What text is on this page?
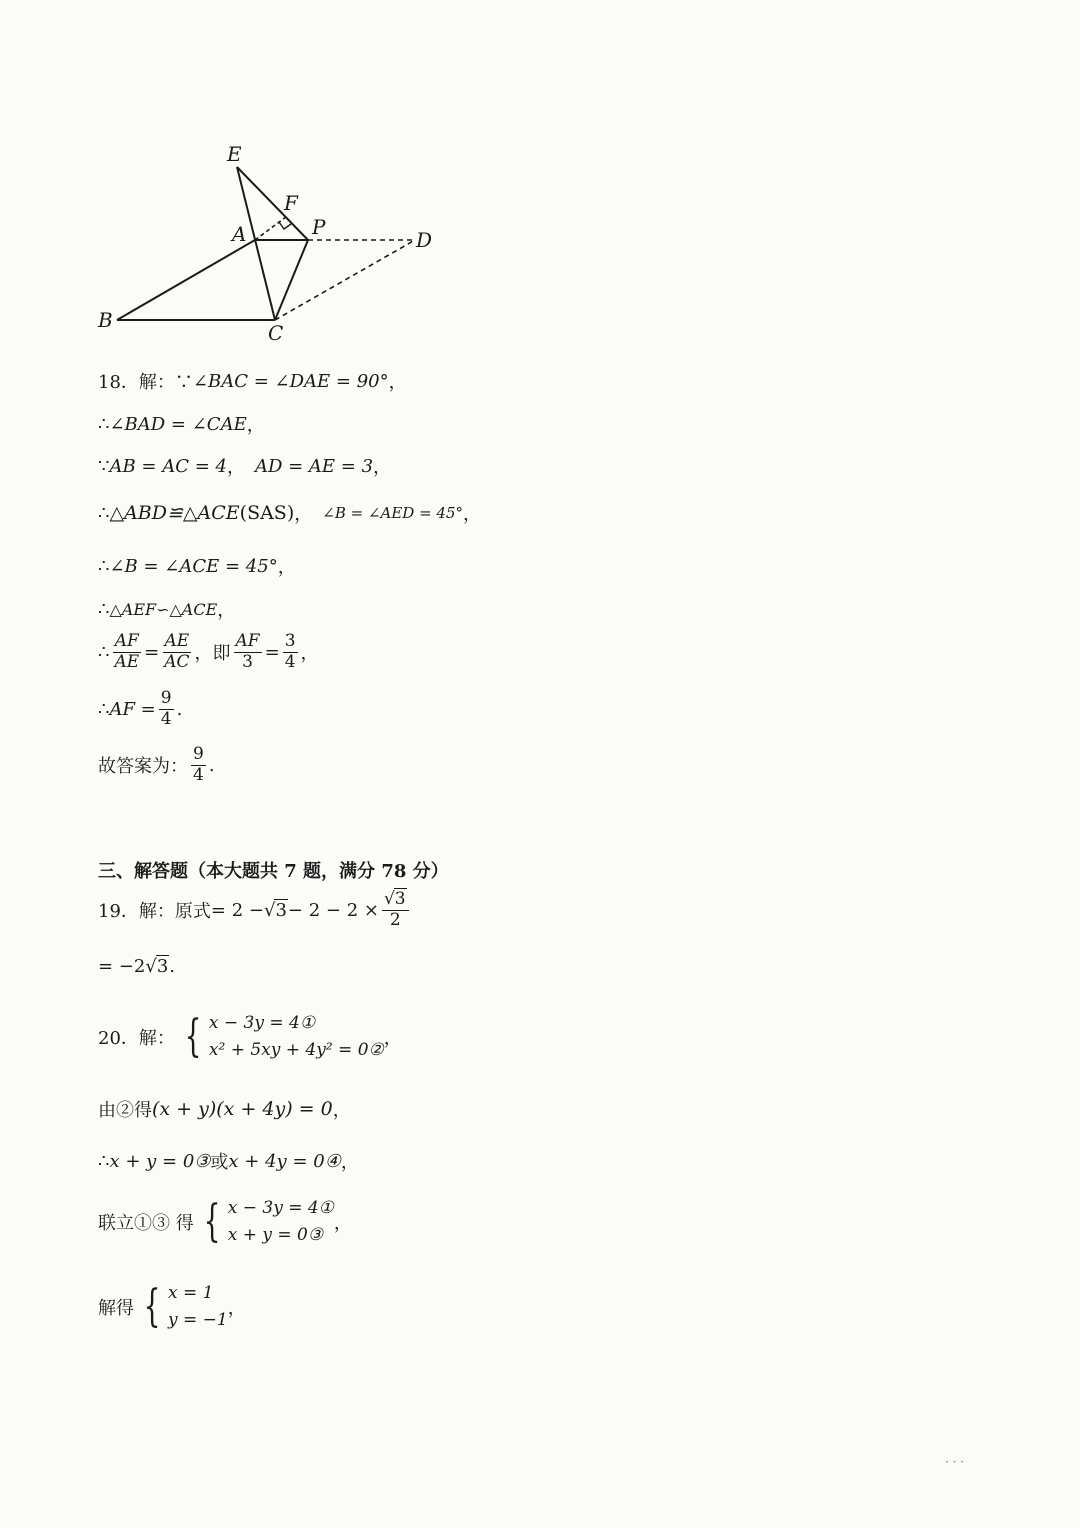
E
F
A	P
D
B
C
18．解：∵ ∠BAC = ∠DAE = 90° ，
∴ ∠BAD = ∠CAE ，
∵ AB = AC = 4 ， AD = AE = 3 ，
∴ △ABD≌△ACE (SAS) ， ∠B = ∠AED = 45° ，
∴ ∠B = ∠ACE = 45° ，
∴ △AEF∽△ACE ，
∴ $\frac{AF}{AE} = \frac{AE}{AC}$ ，即 $\frac{AF}{3} = \frac{3}{4}$ ，
∴ AF = $\frac{9}{4}$ .
故答案为： $\frac{9}{4}$ .
三、解答题（本大题共 7 题，满分 78 分）
19．解：原式 = $2 - √3 - 2 - 2 \times \frac{√3}{2}$
= −2 √3 .
20．解： { x − 3y = 4①
x² + 5xy + 4y² = 0②
，
由②得 (x + y)(x + 4y) = 0 ，
∴ x + y = 0③ 或 x + 4y = 0④ ，
联立①③ 得 { x − 3y = 4①
x + y = 0③
，
解得 { x = 1
y = −1
，
· · ·
